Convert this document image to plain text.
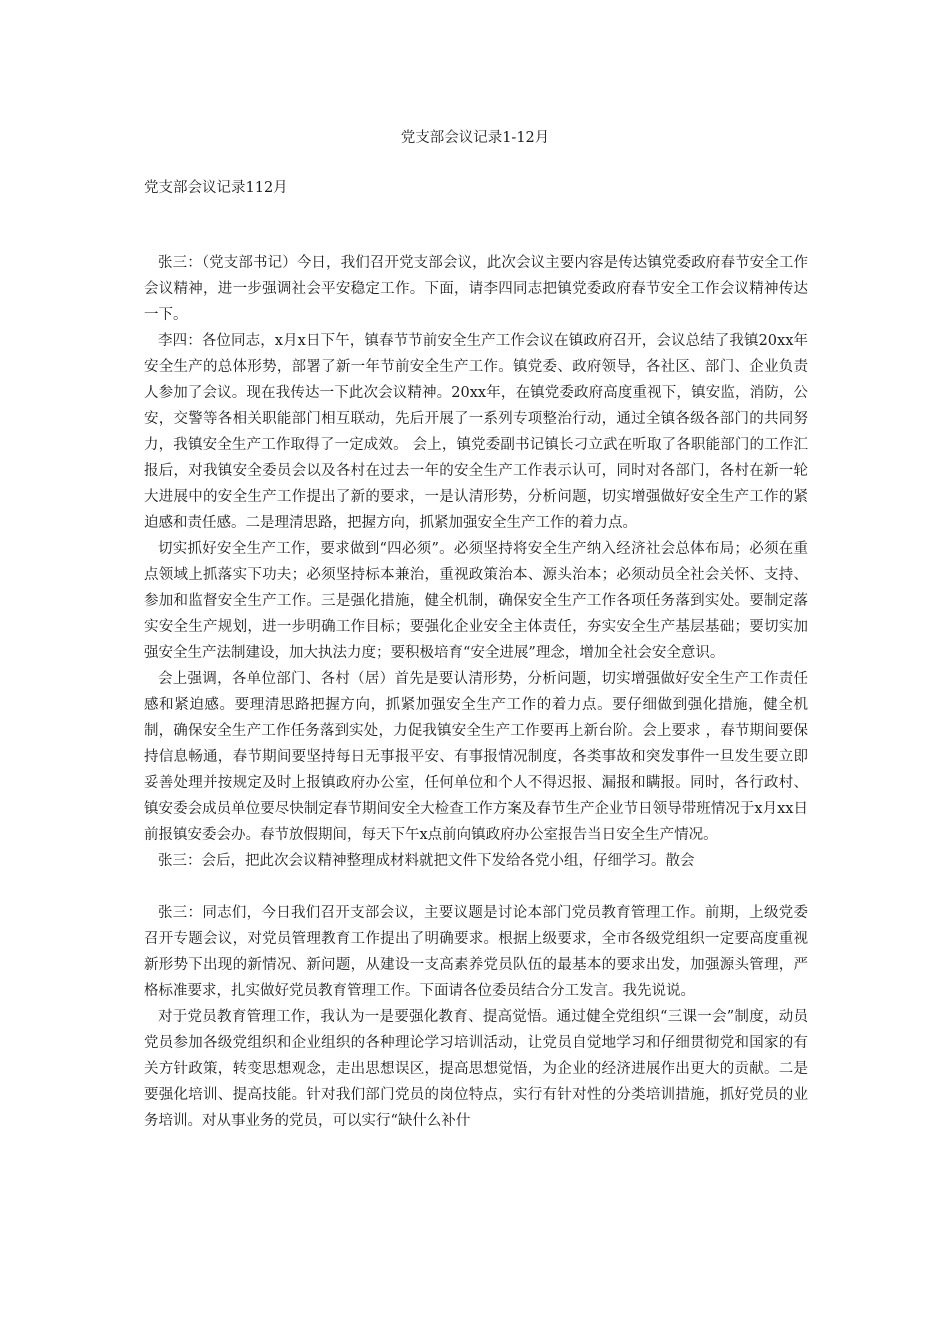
党支部会议记录1-12月
党支部会议记录112月

张三：（党支部书记）今日，我们召开党支部会议，此次会议主要内容是传达镇党委政府春节安全工作会议精神，进一步强调社会平安稳定工作。下面，请李四同志把镇党委政府春节安全工作会议精神传达一下。

李四：各位同志，x月x日下午，镇春节节前安全生产工作会议在镇政府召开，会议总结了我镇20xx年安全生产的总体形势，部署了新一年节前安全生产工作。镇党委、政府领导，各社区、部门、企业负责人参加了会议。现在我传达一下此次会议精神。20xx年，在镇党委政府高度重视下，镇安监，消防，公安，交警等各相关职能部门相互联动，先后开展了一系列专项整治行动，通过全镇各级各部门的共同努力，我镇安全生产工作取得了一定成效。 会上，镇党委副书记镇长刁立武在听取了各职能部门的工作汇报后，对我镇安全委员会以及各村在过去一年的安全生产工作表示认可，同时对各部门，各村在新一轮大进展中的安全生产工作提出了新的要求，一是认清形势，分析问题，切实增强做好安全生产工作的紧迫感和责任感。二是理清思路，把握方向，抓紧加强安全生产工作的着力点。

切实抓好安全生产工作，要求做到“四必须”。必须坚持将安全生产纳入经济社会总体布局；必须在重点领域上抓落实下功夫；必须坚持标本兼治，重视政策治本、源头治本；必须动员全社会关怀、支持、参加和监督安全生产工作。三是强化措施，健全机制，确保安全生产工作各项任务落到实处。要制定落实安全生产规划，进一步明确工作目标；要强化企业安全主体责任，夯实安全生产基层基础；要切实加强安全生产法制建设，加大执法力度；要积极培育“安全进展”理念，增加全社会安全意识。

会上强调，各单位部门、各村（居）首先是要认清形势，分析问题，切实增强做好安全生产工作责任感和紧迫感。要理清思路把握方向，抓紧加强安全生产工作的着力点。要仔细做到强化措施，健全机制，确保安全生产工作任务落到实处，力促我镇安全生产工作要再上新台阶。会上要求 ，春节期间要保持信息畅通，春节期间要坚持每日无事报平安、有事报情况制度，各类事故和突发事件一旦发生要立即妥善处理并按规定及时上报镇政府办公室，任何单位和个人不得迟报、漏报和瞒报。同时，各行政村、镇安委会成员单位要尽快制定春节期间安全大检查工作方案及春节生产企业节日领导带班情况于x月xx日前报镇安委会办。春节放假期间，每天下午x点前向镇政府办公室报告当日安全生产情况。

张三：会后，把此次会议精神整理成材料就把文件下发给各党小组，仔细学习。散会

张三：同志们，今日我们召开支部会议，主要议题是讨论本部门党员教育管理工作。前期，上级党委召开专题会议，对党员管理教育工作提出了明确要求。根据上级要求，全市各级党组织一定要高度重视新形势下出现的新情况、新问题，从建设一支高素养党员队伍的最基本的要求出发，加强源头管理，严格标准要求，扎实做好党员教育管理工作。下面请各位委员结合分工发言。我先说说。

对于党员教育管理工作，我认为一是要强化教育、提高觉悟。通过健全党组织“三课一会”制度，动员党员参加各级党组织和企业组织的各种理论学习培训活动，让党员自觉地学习和仔细贯彻党和国家的有关方针政策，转变思想观念，走出思想误区，提高思想觉悟，为企业的经济进展作出更大的贡献。二是要强化培训、提高技能。针对我们部门党员的岗位特点，实行有针对性的分类培训措施，抓好党员的业务培训。对从事业务的党员，可以实行“缺什么补什
